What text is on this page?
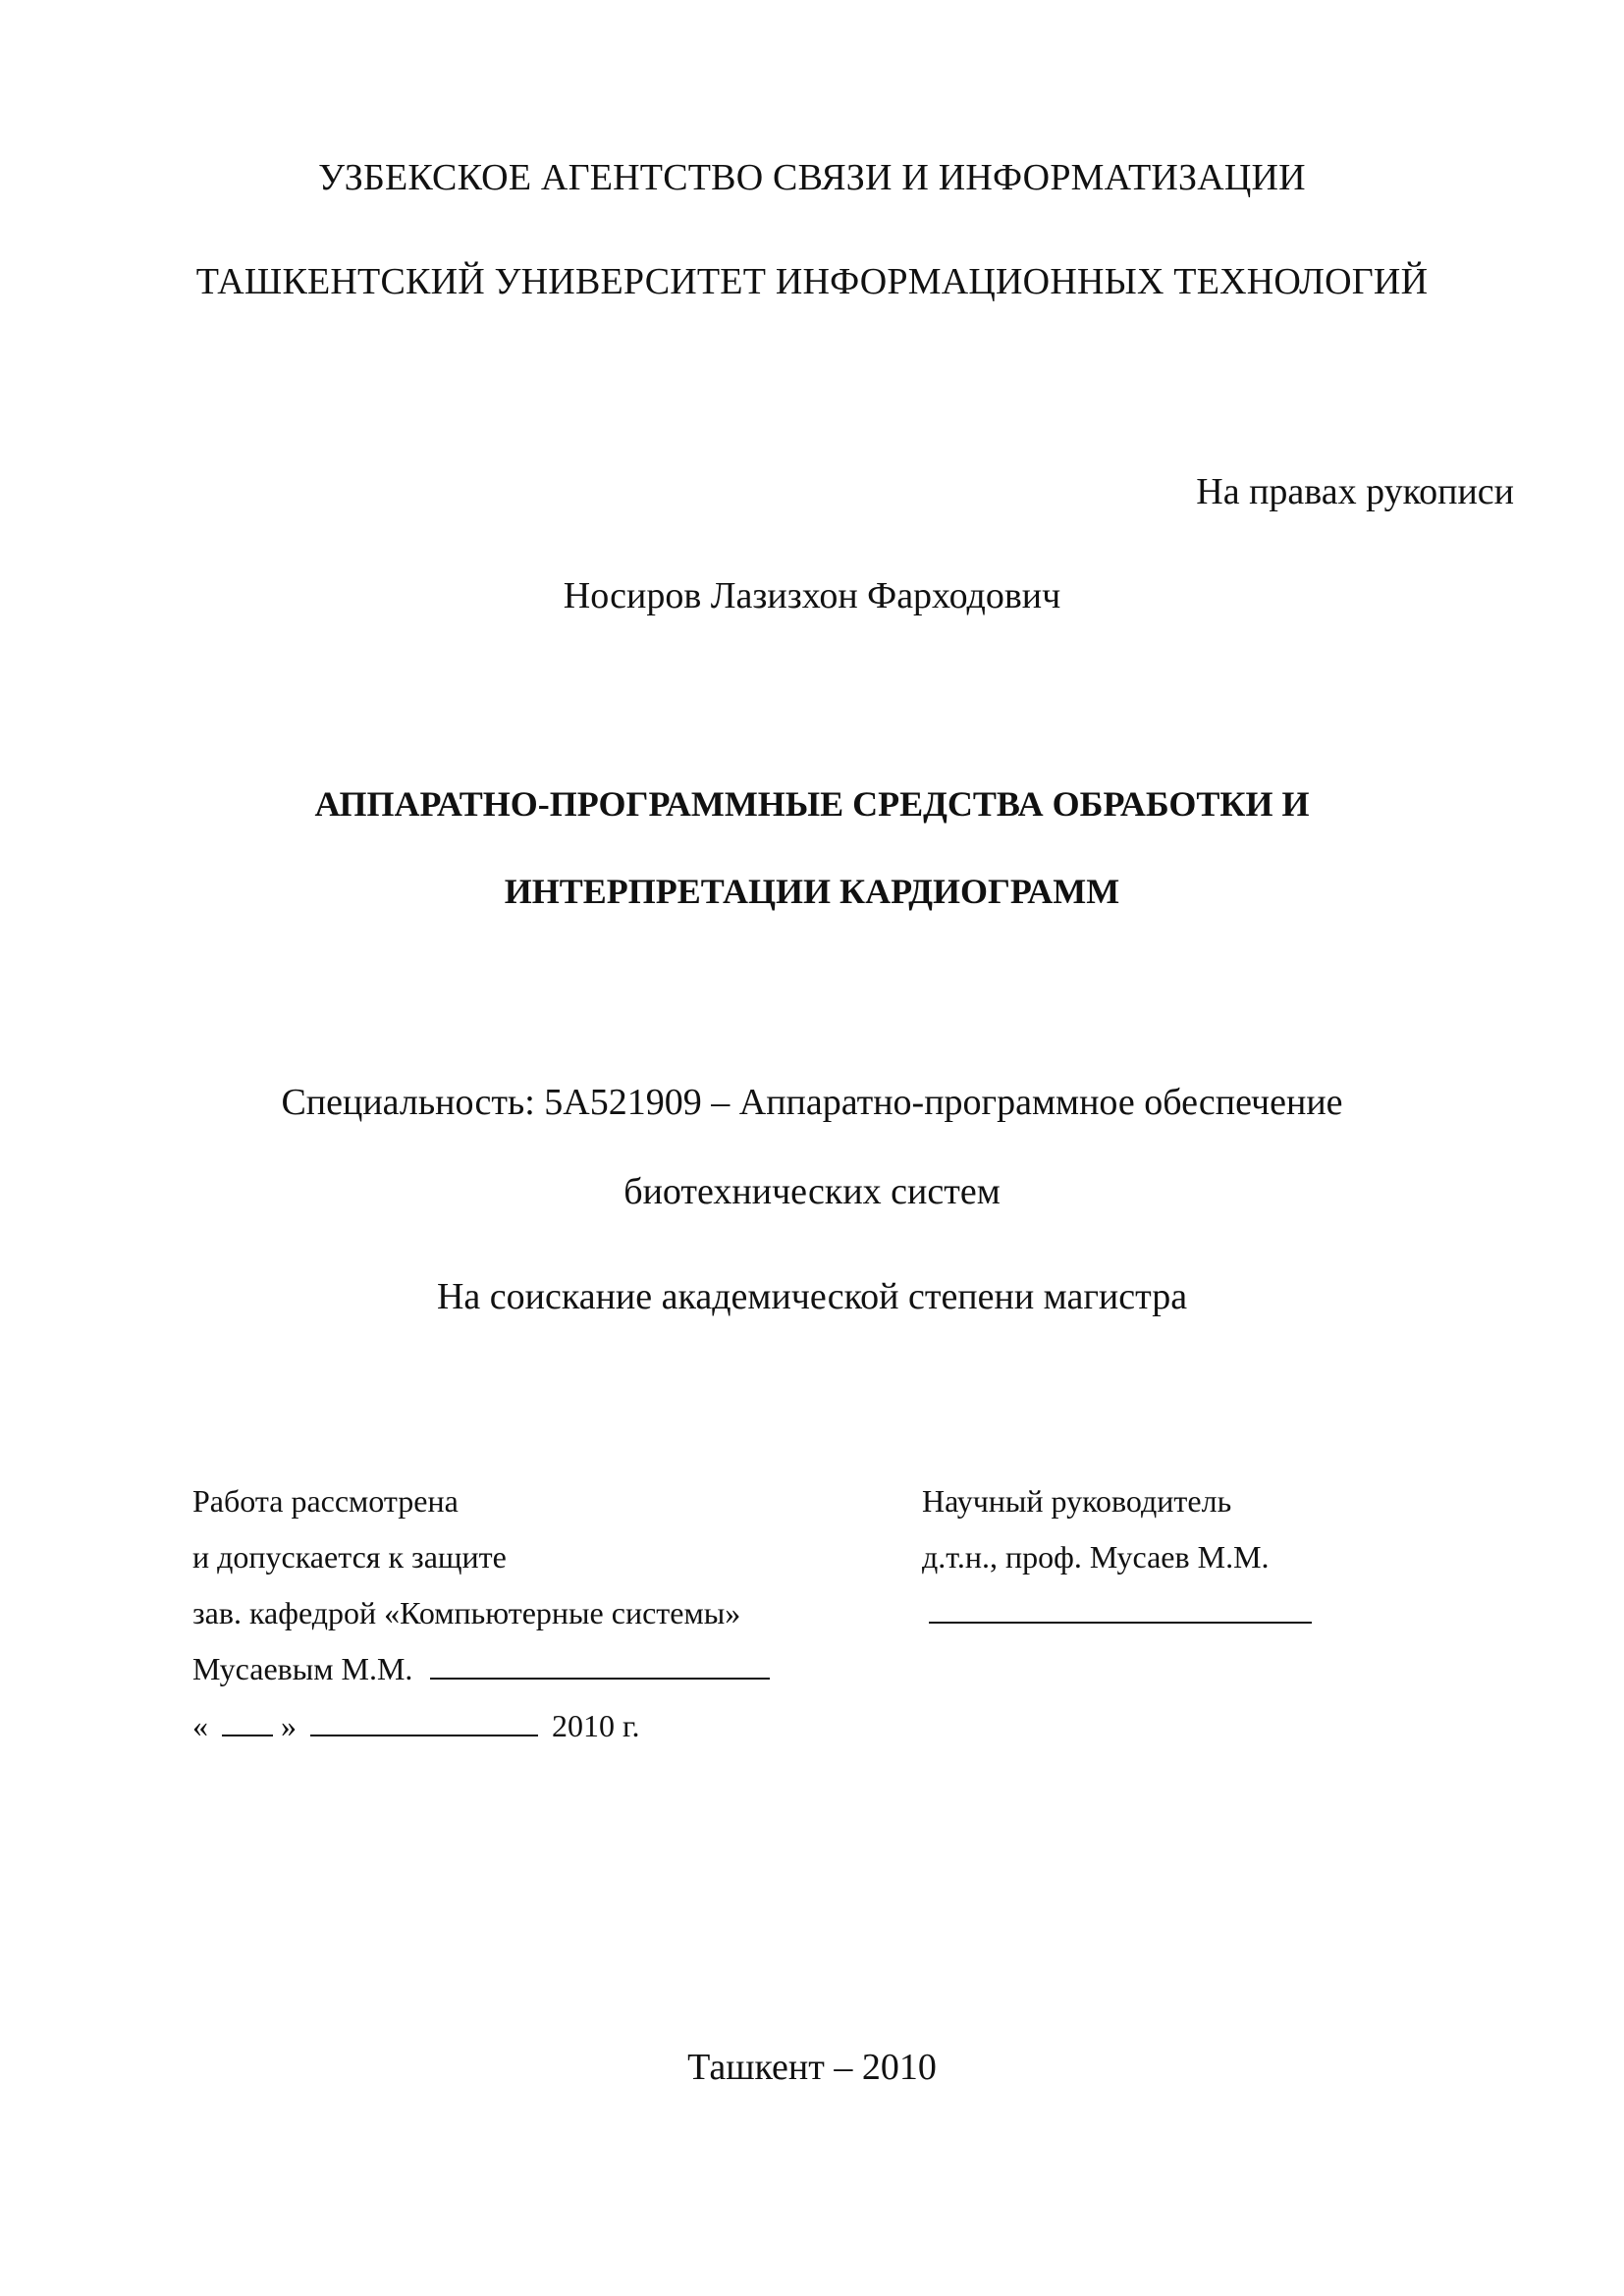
УЗБЕКСКОЕ АГЕНТСТВО СВЯЗИ И ИНФОРМАТИЗАЦИИ
ТАШКЕНТСКИЙ УНИВЕРСИТЕТ ИНФОРМАЦИОННЫХ ТЕХНОЛОГИЙ
На правах рукописи
Носиров Лазизхон Фарходович
АППАРАТНО-ПРОГРАММНЫЕ СРЕДСТВА ОБРАБОТКИ И
ИНТЕРПРЕТАЦИИ КАРДИОГРАММ
Специальность: 5А521909 – Аппаратно-программное обеспечение
биотехнических систем
На соискание академической степени магистра
Работа рассмотрена
и допускается к защите
зав. кафедрой «Компьютерные системы»
Мусаевым М.М.
« »	2010 г.
Научный руководитель
д.т.н., проф. Мусаев М.М.
Ташкент – 2010
